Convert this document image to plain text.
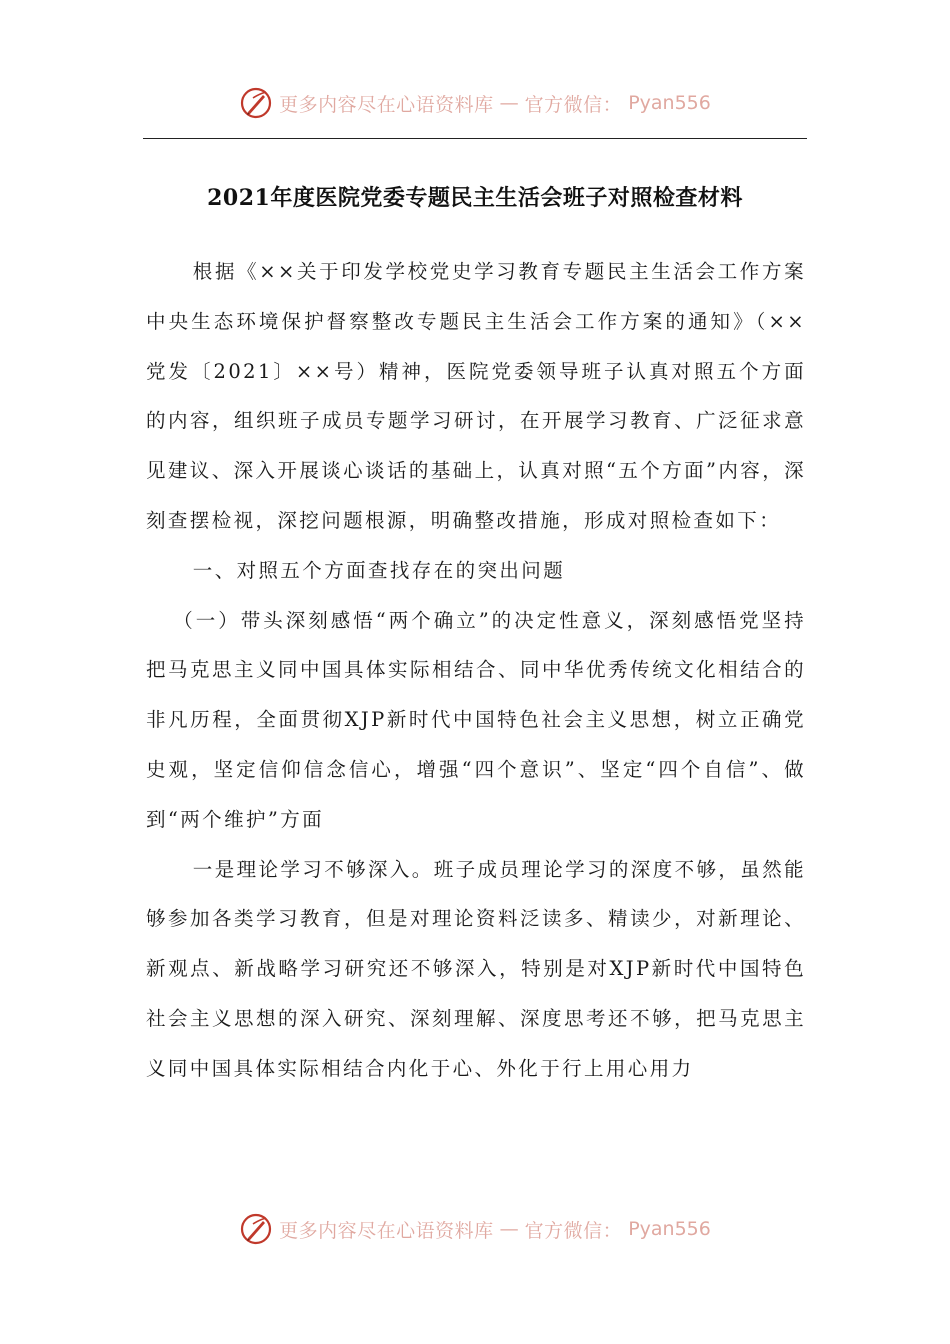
更多内容尽在心语资料库 — 官方微信： Pyan556
2021年度医院党委专题民主生活会班子对照检查材料

根据《××关于印发学校党史学习教育专题民主生活会工作方案中央生态环境保护督察整改专题民主生活会工作方案的通知》（××党发〔2021〕××号）精神，医院党委领导班子认真对照五个方面的内容，组织班子成员专题学习研讨，在开展学习教育、广泛征求意见建议、深入开展谈心谈话的基础上，认真对照“五个方面”内容，深刻查摆检视，深挖问题根源，明确整改措施，形成对照检查如下：

一、对照五个方面查找存在的突出问题

（一）带头深刻感悟“两个确立”的决定性意义，深刻感悟党坚持把马克思主义同中国具体实际相结合、同中华优秀传统文化相结合的非凡历程，全面贯彻XJP新时代中国特色社会主义思想，树立正确党史观，坚定信仰信念信心，增强“四个意识”、坚定“四个自信”、做到“两个维护”方面

一是理论学习不够深入。班子成员理论学习的深度不够，虽然能够参加各类学习教育，但是对理论资料泛读多、精读少，对新理论、新观点、新战略学习研究还不够深入，特别是对XJP新时代中国特色社会主义思想的深入研究、深刻理解、深度思考还不够，把马克思主义同中国具体实际相结合内化于心、外化于行上用心用力

更多内容尽在心语资料库 — 官方微信： Pyan556
